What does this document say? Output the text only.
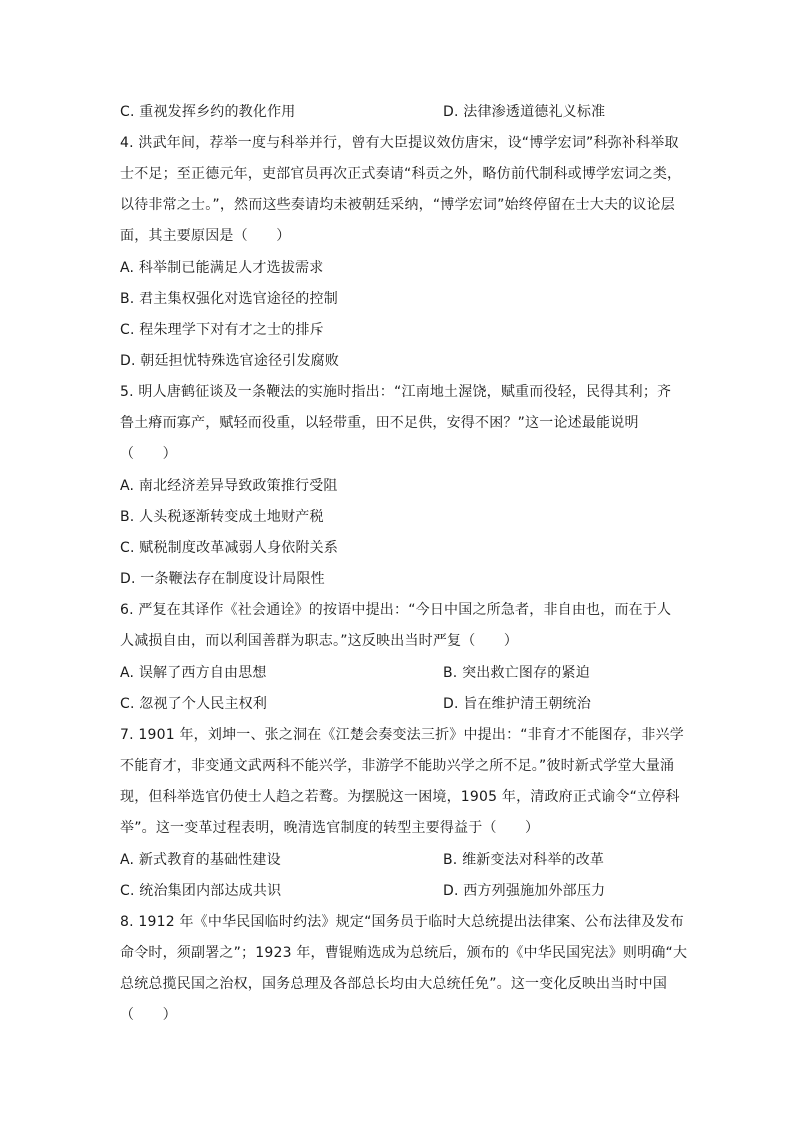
C. 重视发挥乡约的教化作用	D. 法律渗透道德礼义标准
4. 洪武年间，荐举一度与科举并行，曾有大臣提议效仿唐宋，设“博学宏词”科弥补科举取
士不足；至正德元年，吏部官员再次正式奏请“科贡之外，略仿前代制科或博学宏词之类，
以待非常之士。”，然而这些奏请均未被朝廷采纳，“博学宏词”始终停留在士大夫的议论层
面，其主要原因是（　　）
A. 科举制已能满足人才选拔需求
B. 君主集权强化对选官途径的控制
C. 程朱理学下对有才之士的排斥
D. 朝廷担忧特殊选官途径引发腐败
5. 明人唐鹤征谈及一条鞭法的实施时指出：“江南地土渥饶，赋重而役轻，民得其利；齐
鲁土瘠而寡产，赋轻而役重，以轻带重，田不足供，安得不困？”这一论述最能说明
（　　）
A. 南北经济差异导致政策推行受阻
B. 人头税逐渐转变成土地财产税
C. 赋税制度改革减弱人身依附关系
D. 一条鞭法存在制度设计局限性
6. 严复在其译作《社会通诠》的按语中提出：“今日中国之所急者，非自由也，而在于人
人减损自由，而以利国善群为职志。”这反映出当时严复（　　）
A. 误解了西方自由思想	B. 突出救亡图存的紧迫
C. 忽视了个人民主权利	D. 旨在维护清王朝统治
7. 1901 年，刘坤一、张之洞在《江楚会奏变法三折》中提出：“非育才不能图存，非兴学
不能育才，非变通文武两科不能兴学，非游学不能助兴学之所不足。”彼时新式学堂大量涌
现，但科举选官仍使士人趋之若鹜。为摆脱这一困境，1905 年，清政府正式谕令“立停科
举”。这一变革过程表明，晚清选官制度的转型主要得益于（　　）
A. 新式教育的基础性建设	B. 维新变法对科举的改革
C. 统治集团内部达成共识	D. 西方列强施加外部压力
8. 1912 年《中华民国临时约法》规定“国务员于临时大总统提出法律案、公布法律及发布
命令时，须副署之”；1923 年，曹锟贿选成为总统后，颁布的《中华民国宪法》则明确“大
总统总揽民国之治权，国务总理及各部总长均由大总统任免”。这一变化反映出当时中国
（　　）
